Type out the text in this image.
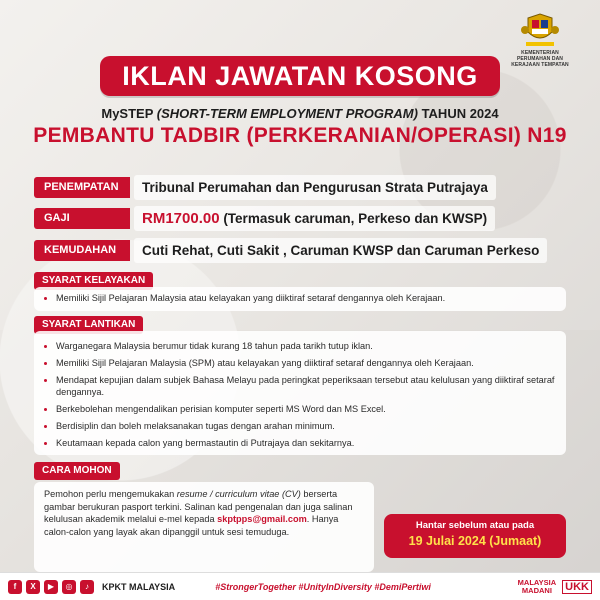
KEMENTERIAN PERUMAHAN DAN KERAJAAN TEMPATAN
IKLAN JAWATAN KOSONG
MySTEP (SHORT-TERM EMPLOYMENT PROGRAM) TAHUN 2024
PEMBANTU TADBIR (PERKERANIAN/OPERASI) N19
PENEMPATAN	Tribunal Perumahan dan Pengurusan Strata Putrajaya
GAJI	RM1700.00 (Termasuk caruman, Perkeso dan KWSP)
KEMUDAHAN	Cuti Rehat, Cuti Sakit , Caruman KWSP dan Caruman Perkeso
SYARAT KELAYAKAN
• Memiliki Sijil Pelajaran Malaysia atau kelayakan yang diiktiraf setaraf dengannya oleh Kerajaan.
SYARAT LANTIKAN
• Warganegara Malaysia berumur tidak kurang 18 tahun pada tarikh tutup iklan.
• Memiliki Sijil Pelajaran Malaysia (SPM) atau kelayakan yang diiktiraf setaraf dengannya oleh Kerajaan.
• Mendapat kepujian dalam subjek Bahasa Melayu pada peringkat peperiksaan tersebut atau kelulusan yang diiktiraf setaraf dengannya.
• Berkebolehan mengendalikan perisian komputer seperti MS Word dan MS Excel.
• Berdisiplin dan boleh melaksanakan tugas dengan arahan minimum.
• Keutamaan kepada calon yang bermastautin di Putrajaya dan sekitarnya.
CARA MOHON
Pemohon perlu mengemukakan resume / curriculum vitae (CV) berserta gambar berukuran pasport terkini. Salinan kad pengenalan dan juga salinan kelulusan akademik melalui e-mel kepada skptpps@gmail.com. Hanya calon-calon yang layak akan dipanggil untuk sesi temuduga.
Hantar sebelum atau pada
19 Julai 2024 (Jumaat)
f	X	▶	◎	♪	KPKT MALAYSIA	#StrongerTogether #UnityInDiversity #DemiPertiwi	MALAYSIA
MADANI	UKK
